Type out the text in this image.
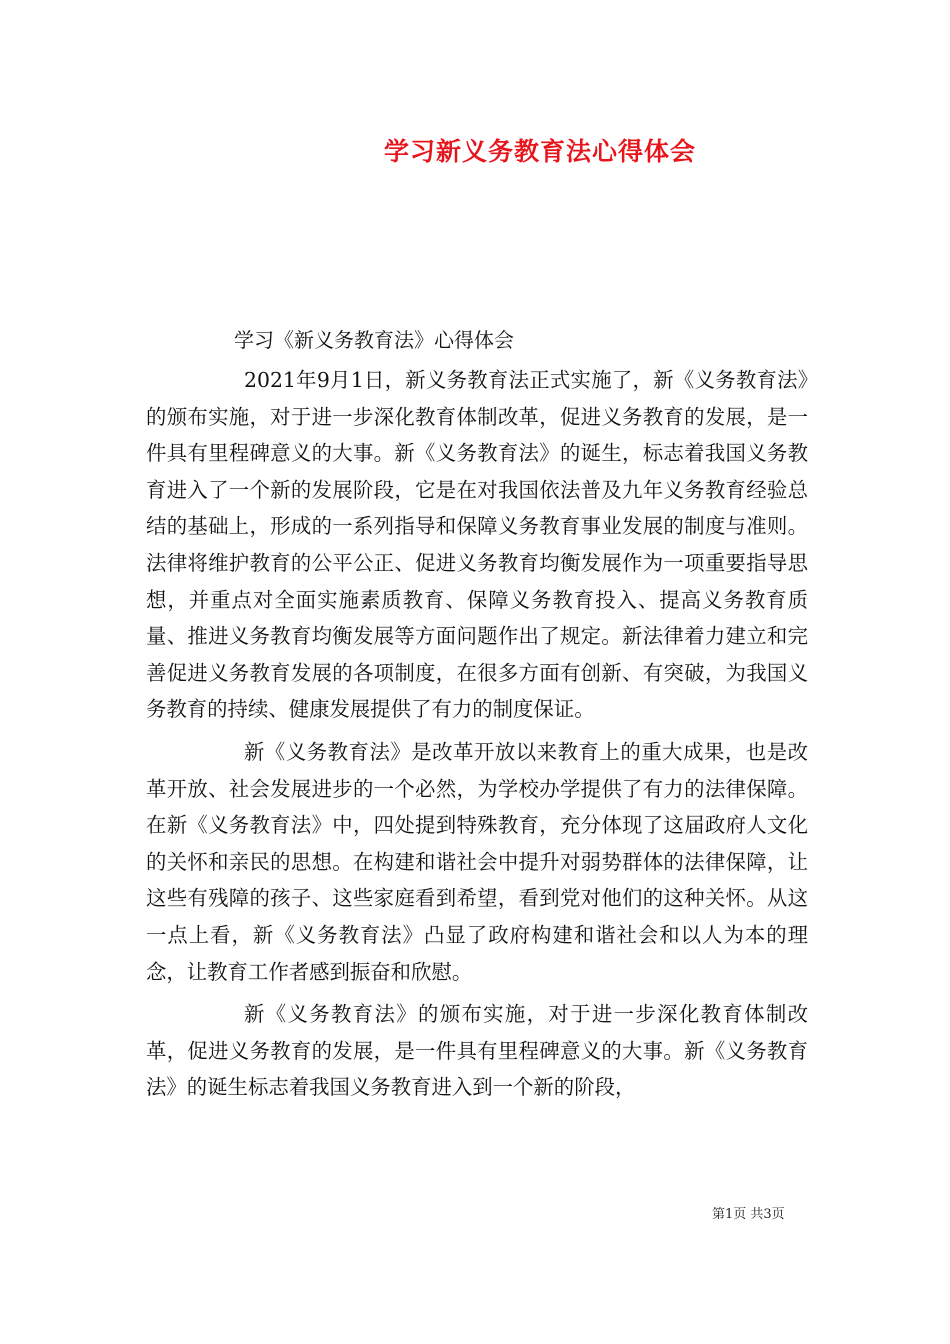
学习新义务教育法心得体会
学习《新义务教育法》心得体会

2021年9月1日，新义务教育法正式实施了，新《义务教育法》的颁布实施，对于进一步深化教育体制改革，促进义务教育的发展，是一件具有里程碑意义的大事。新《义务教育法》的诞生，标志着我国义务教育进入了一个新的发展阶段，它是在对我国依法普及九年义务教育经验总结的基础上，形成的一系列指导和保障义务教育事业发展的制度与准则。法律将维护教育的公平公正、促进义务教育均衡发展作为一项重要指导思想，并重点对全面实施素质教育、保障义务教育投入、提高义务教育质量、推进义务教育均衡发展等方面问题作出了规定。新法律着力建立和完善促进义务教育发展的各项制度，在很多方面有创新、有突破，为我国义务教育的持续、健康发展提供了有力的制度保证。

新《义务教育法》是改革开放以来教育上的重大成果，也是改革开放、社会发展进步的一个必然，为学校办学提供了有力的法律保障。在新《义务教育法》中，四处提到特殊教育，充分体现了这届政府人文化的关怀和亲民的思想。在构建和谐社会中提升对弱势群体的法律保障，让这些有残障的孩子、这些家庭看到希望，看到党对他们的这种关怀。从这一点上看，新《义务教育法》凸显了政府构建和谐社会和以人为本的理念，让教育工作者感到振奋和欣慰。

新《义务教育法》的颁布实施，对于进一步深化教育体制改革，促进义务教育的发展，是一件具有里程碑意义的大事。新《义务教育法》的诞生标志着我国义务教育进入到一个新的阶段，

第1页 共3页
